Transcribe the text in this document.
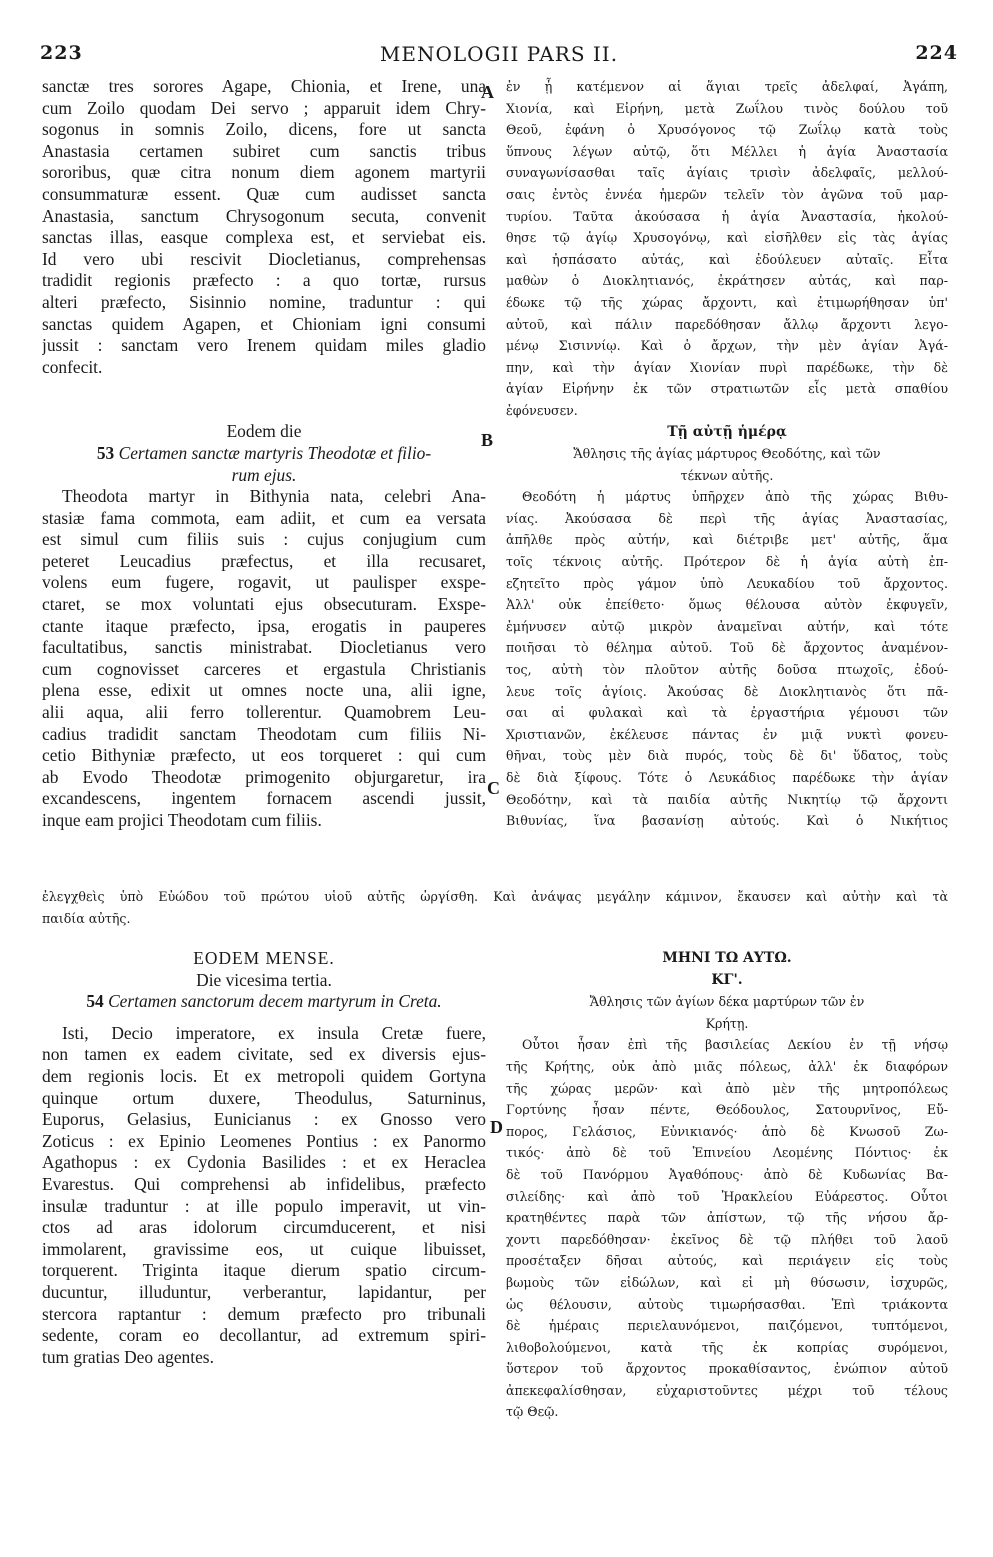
223	MENOLOGII PARS II.	224
A
B
C
D
sanctæ tres sorores Agape, Chionia, et Irene, una
cum Zoilo quodam Dei servo ; apparuit idem Chry-
sogonus in somnis Zoilo, dicens, fore ut sancta
Anastasia certamen subiret cum sanctis tribus
sororibus, quæ citra nonum diem agonem martyrii
consummaturæ essent. Quæ cum audisset sancta
Anastasia, sanctum Chrysogonum secuta, convenit
sanctas illas, easque complexa est, et serviebat eis.
Id vero ubi rescivit Diocletianus, comprehensas
tradidit regionis præfecto : a quo tortæ, rursus
alteri præfecto, Sisinnio nomine, traduntur : qui
sanctas quidem Agapen, et Chioniam igni consumi
jussit : sanctam vero Irenem quidam miles gladio
confecit.
Eodem die
53 Certamen sanctæ martyris Theodotæ et filio-
rum ejus.
Theodota martyr in Bithynia nata, celebri Ana-
stasiæ fama commota, eam adiit, et cum ea versata
est simul cum filiis suis : cujus conjugium cum
peteret Leucadius præfectus, et illa recusaret,
volens eum fugere, rogavit, ut paulisper exspe-
ctaret, se mox voluntati ejus obsecuturam. Exspe-
ctante itaque præfecto, ipsa, erogatis in pauperes
facultatibus, sanctis ministrabat. Diocletianus vero
cum cognovisset carceres et ergastula Christianis
plena esse, edixit ut omnes nocte una, alii igne,
alii aqua, alii ferro tollerentur. Quamobrem Leu-
cadius tradidit sanctam Theodotam cum filiis Ni-
cetio Bithyniæ præfecto, ut eos torqueret : qui cum
ab Evodo Theodotæ primogenito objurgaretur, ira
excandescens, ingentem fornacem ascendi jussit,
inque eam projici Theodotam cum filiis.
ἐν ᾗ κατέμενον αἱ ἅγιαι τρεῖς ἀδελφαί, Ἀγάπη,
Χιονία, καὶ Εἰρήνη, μετὰ Ζωΐλου τινὸς δούλου τοῦ
Θεοῦ, ἐφάνη ὁ Χρυσόγονος τῷ Ζωΐλῳ κατὰ τοὺς
ὕπνους λέγων αὐτῷ, ὅτι Μέλλει ἡ ἁγία Ἀναστασία
συναγωνίσασθαι ταῖς ἁγίαις τρισὶν ἀδελφαῖς, μελλού-
σαις ἐντὸς ἐννέα ἡμερῶν τελεῖν τὸν ἀγῶνα τοῦ μαρ-
τυρίου. Ταῦτα ἀκούσασα ἡ ἁγία Ἀναστασία, ἠκολού-
θησε τῷ ἁγίῳ Χρυσογόνῳ, καὶ εἰσῆλθεν εἰς τὰς ἁγίας
καὶ ἠσπάσατο αὐτάς, καὶ ἐδούλευεν αὐταῖς. Εἶτα
μαθὼν ὁ Διοκλητιανός, ἐκράτησεν αὐτάς, καὶ παρ-
έδωκε τῷ τῆς χώρας ἄρχοντι, καὶ ἐτιμωρήθησαν ὑπ'
αὐτοῦ, καὶ πάλιν παρεδόθησαν ἄλλῳ ἄρχοντι λεγο-
μένῳ Σισιννίῳ. Καὶ ὁ ἄρχων, τὴν μὲν ἁγίαν Ἀγά-
πην, καὶ τὴν ἁγίαν Χιονίαν πυρὶ παρέδωκε, τὴν δὲ
ἁγίαν Εἰρήνην ἐκ τῶν στρατιωτῶν εἷς μετὰ σπαθίου
ἐφόνευσεν.
Τῇ αὐτῇ ἡμέρᾳ
Ἄθλησις τῆς ἁγίας μάρτυρος Θεοδότης, καὶ τῶν
τέκνων αὐτῆς.
Θεοδότη ἡ μάρτυς ὑπῆρχεν ἀπὸ τῆς χώρας Βιθυ-
νίας. Ἀκούσασα δὲ περὶ τῆς ἁγίας Ἀναστασίας,
ἀπῆλθε πρὸς αὐτήν, καὶ διέτριβε μετ' αὐτῆς, ἅμα
τοῖς τέκνοις αὐτῆς. Πρότερον δὲ ἡ ἁγία αὐτὴ ἐπ-
εζητεῖτο πρὸς γάμον ὑπὸ Λευκαδίου τοῦ ἄρχοντος.
Ἀλλ' οὐκ ἐπείθετο· ὅμως θέλουσα αὐτὸν ἐκφυγεῖν,
ἐμήνυσεν αὐτῷ μικρὸν ἀναμεῖναι αὐτήν, καὶ τότε
ποιῆσαι τὸ θέλημα αὐτοῦ. Τοῦ δὲ ἄρχοντος ἀναμένον-
τος, αὐτὴ τὸν πλοῦτον αὐτῆς δοῦσα πτωχοῖς, ἐδού-
λευε τοῖς ἁγίοις. Ἀκούσας δὲ Διοκλητιανὸς ὅτι πᾶ-
σαι αἱ φυλακαὶ καὶ τὰ ἐργαστήρια γέμουσι τῶν
Χριστιανῶν, ἐκέλευσε πάντας ἐν μιᾷ νυκτὶ φονευ-
θῆναι, τοὺς μὲν διὰ πυρός, τοὺς δὲ δι' ὕδατος, τοὺς
δὲ διὰ ξίφους. Τότε ὁ Λευκάδιος παρέδωκε τὴν ἁγίαν
Θεοδότην, καὶ τὰ παιδία αὐτῆς Νικητίῳ τῷ ἄρχοντι
Βιθυνίας, ἵνα βασανίσῃ αὐτούς. Καὶ ὁ Νικήτιος
ἐλεγχθεὶς ὑπὸ Εὐώδου τοῦ πρώτου υἱοῦ αὐτῆς ὠργίσθη. Καὶ ἀνάψας μεγάλην κάμινον, ἔκαυσεν καὶ αὐτὴν καὶ τὰ
παιδία αὐτῆς.
EODEM MENSE.
Die vicesima tertia.
54 Certamen sanctorum decem martyrum in Creta.
Isti, Decio imperatore, ex insula Cretæ fuere,
non tamen ex eadem civitate, sed ex diversis ejus-
dem regionis locis. Et ex metropoli quidem Gortyna
quinque ortum duxere, Theodulus, Saturninus,
Euporus, Gelasius, Eunicianus : ex Gnosso vero
Zoticus : ex Epinio Leomenes Pontius : ex Panormo
Agathopus : ex Cydonia Basilides : et ex Heraclea
Evarestus. Qui comprehensi ab infidelibus, præfecto
insulæ traduntur : at ille populo imperavit, ut vin-
ctos ad aras idolorum circumducerent, et nisi
immolarent, gravissime eos, ut cuique libuisset,
torquerent. Triginta itaque dierum spatio circum-
ducuntur, illuduntur, verberantur, lapidantur, per
stercora raptantur : demum præfecto pro tribunali
sedente, coram eo decollantur, ad extremum spiri-
tum gratias Deo agentes.
ΜΗΝΙ ΤΩ ΑΥΤΩ.
ΚΓ'.
Ἄθλησις τῶν ἁγίων δέκα μαρτύρων τῶν ἐν
Κρήτῃ.
Οὗτοι ἦσαν ἐπὶ τῆς βασιλείας Δεκίου ἐν τῇ νήσῳ
τῆς Κρήτης, οὐκ ἀπὸ μιᾶς πόλεως, ἀλλ' ἐκ διαφόρων
τῆς χώρας μερῶν· καὶ ἀπὸ μὲν τῆς μητροπόλεως
Γορτύνης ἦσαν πέντε, Θεόδουλος, Σατουρνῖνος, Εὔ-
πορος, Γελάσιος, Εὐνικιανός· ἀπὸ δὲ Κνωσοῦ Ζω-
τικός· ἀπὸ δὲ τοῦ Ἐπινείου Λεομένης Πόντιος· ἐκ
δὲ τοῦ Πανόρμου Ἀγαθόπους· ἀπὸ δὲ Κυδωνίας Βα-
σιλείδης· καὶ ἀπὸ τοῦ Ἡρακλείου Εὐάρεστος. Οὗτοι
κρατηθέντες παρὰ τῶν ἀπίστων, τῷ τῆς νήσου ἄρ-
χοντι παρεδόθησαν· ἐκεῖνος δὲ τῷ πλήθει τοῦ λαοῦ
προσέταξεν δῆσαι αὐτούς, καὶ περιάγειν εἰς τοὺς
βωμοὺς τῶν εἰδώλων, καὶ εἰ μὴ θύσωσιν, ἰσχυρῶς,
ὡς θέλουσιν, αὐτοὺς τιμωρήσασθαι. Ἐπὶ τριάκοντα
δὲ ἡμέραις περιελαυνόμενοι, παιζόμενοι, τυπτόμενοι,
λιθοβολούμενοι, κατὰ τῆς ἐκ κοπρίας συρόμενοι,
ὕστερον τοῦ ἄρχοντος προκαθίσαντος, ἐνώπιον αὐτοῦ
ἀπεκεφαλίσθησαν, εὐχαριστοῦντες μέχρι τοῦ τέλους
τῷ Θεῷ.
